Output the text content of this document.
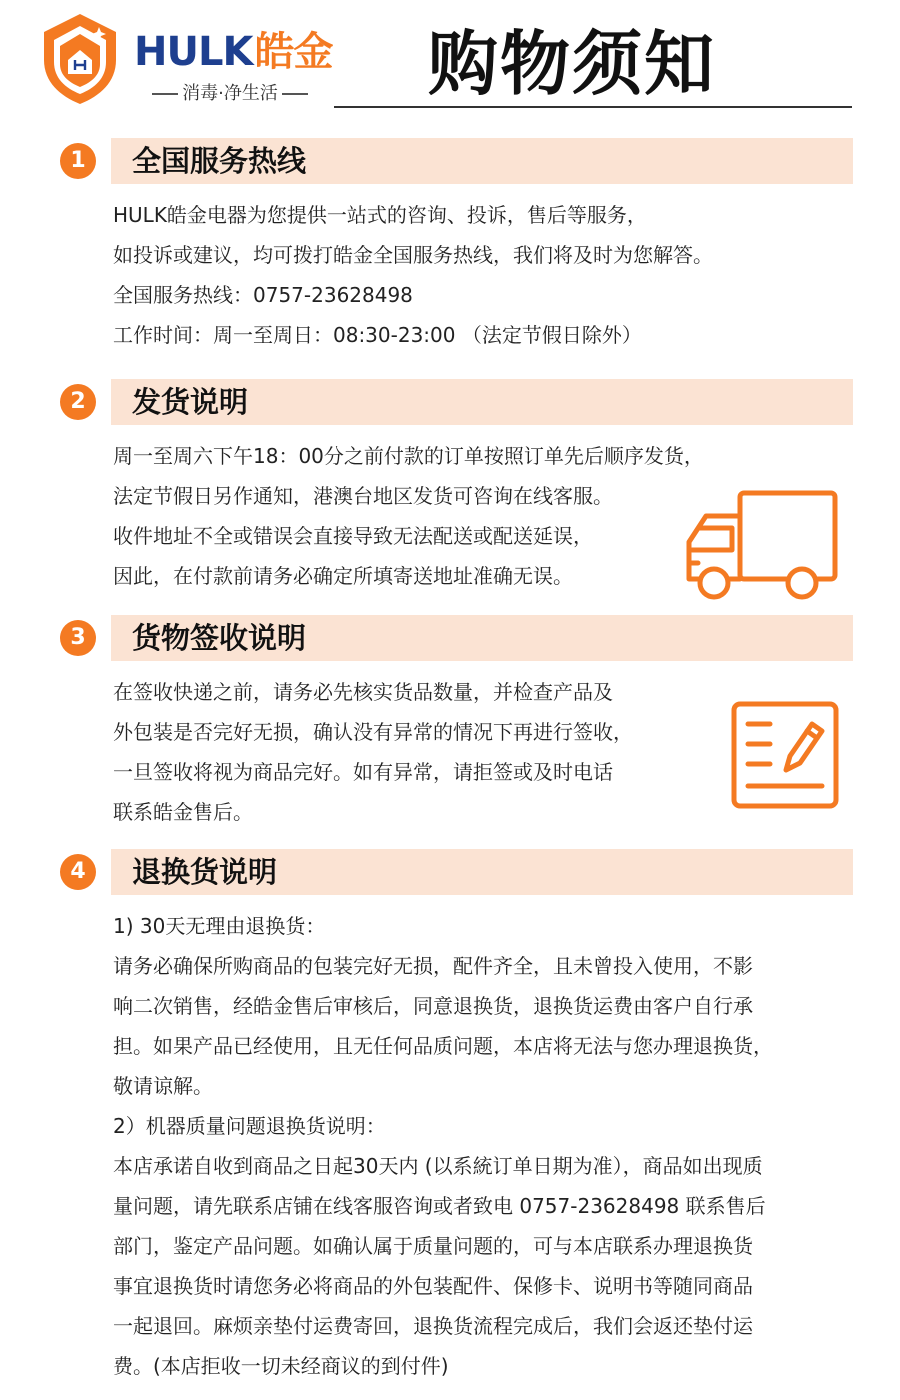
HULK皓金
消毒·净生活	购物须知
1	全国服务热线
HULK皓金电器为您提供一站式的咨询、投诉，售后等服务，
如投诉或建议，均可拨打皓金全国服务热线，我们将及时为您解答。
全国服务热线：0757-23628498
工作时间：周一至周日：08:30-23:00 （法定节假日除外）
2	发货说明
周一至周六下午18：00分之前付款的订单按照订单先后顺序发货，
法定节假日另作通知，港澳台地区发货可咨询在线客服。
收件地址不全或错误会直接导致无法配送或配送延误，
因此，在付款前请务必确定所填寄送地址准确无误。
3	货物签收说明
在签收快递之前，请务必先核实货品数量，并检查产品及
外包装是否完好无损，确认没有异常的情况下再进行签收，
一旦签收将视为商品完好。如有异常，请拒签或及时电话
联系皓金售后。
4	退换货说明
1) 30天无理由退换货：
请务必确保所购商品的包装完好无损，配件齐全，且未曾投入使用，不影
响二次销售，经皓金售后审核后，同意退换货，退换货运费由客户自行承
担。如果产品已经使用，且无任何品质问题，本店将无法与您办理退换货，
敬请谅解。
2）机器质量问题退换货说明：
本店承诺自收到商品之日起30天内 (以系統订单日期为准），商品如出现质
量问题，请先联系店铺在线客服咨询或者致电 0757-23628498 联系售后
部门，鉴定产品问题。如确认属于质量问题的，可与本店联系办理退换货
事宜退换货时请您务必将商品的外包装配件、保修卡、说明书等随同商品
一起退回。麻烦亲垫付运费寄回，退换货流程完成后，我们会返还垫付运
费。(本店拒收一切未经商议的到付件)
